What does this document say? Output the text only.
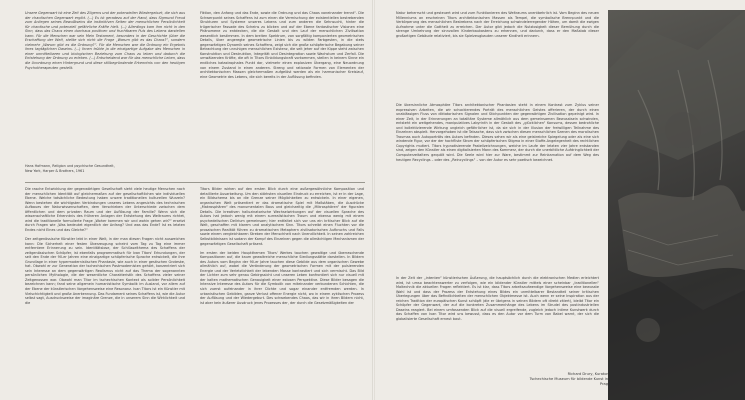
Unsere Gegenwart ist eine Zeit des Zögerns und der potenziellen Wiedergeburt, die sich aus der chaotischen Gegenwart ergibt. (...) Es ist geradezu auf der Hand, dass Sigmund Freud zum Anliegen seines Bewußtseins die instinktiven Seiten der menschlichen Persönlichkeit für chaotische und potenziell gefährliche Kräfte hielt. (...) Allerdings kam ihm nicht in den Sinn, dass das Chaos einen durchaus positiven und fruchtbaren Puls des Lebens darstellen kann. Für die Menschen war sein Mein Testament, besonders in der Geschichte (über die Erschaffung der Welt, stellte sich nicht die Frage „Warum gibt es das Chaos?“, sondern vielmehr „Warum gibt es die Ordnung?“. Für die Menschen war die Ordnung ein Ergebnis ihres tagtäglichen Daseins. (...) Ihnen trübte ja die einzigartige Aufgabe des Menschen in einer unmittelbaren und biologischen Beziehung zum Chaos zu leben und dadurch die Entstehung der Ordnung zu erleben. (...) Entscheidend war für das menschliche Leben, dass die Unordnung einen Hintergrund und diese stillbegründende Erkenntnis von den heutigen Psychotherapeuten gestellt.
Hans Hofmann, Religion und psychische Gesundheit,
New York, Harper & Brothers, 1961
Die rasche Entwicklung der gegenwärtigen Gesellschaft sieht viele heutige Menschen nach der menschlichen Identität auf gleichermaßen auf der gesellschaftlichen wie individuellen Ebene. Welche tatsächliche Bedeutung haben unsere traditionellen kulturellen Wurzeln? Wenn bestehen die wichtigsten Verbindungen unseres Lebens angesichts des technischen Aufbaues der Naturwissenschaften, dem Verschieben der Unterschiede zwischen dem öffentlichen und dem privaten Raum und der Auflösung der Familie? Wenn sich die wissenschaftliche Erkenntnis des früheren Anlagen der Entstehung des Weltraums richtet, wird die traditionelle formulierte Frage „Woher kommen wir und wohin gehen wir?“ ersetzt durch Fragen wie „Was bedeutet eigentlich der Anfang? Und was das Ende? Ist es letzten Endes nicht Eines und das Gleiche?“

Der zeitgenössische Künstler lebt in einer Welt, in der man diesen Fragen nicht ausweichen kann: Die Sicherheit einer festen Überzeugung scheint vom Tag zu Tag eine immer entferntere Erinnerung zu sein. Identitätslose, der Schlüsselthema des Schaffens der zeitgenössischen Schöpfer, ist ebenfalls programmatisch für Ivan Titors' Erkundungen, der seit den Ende der 90-er Jahren eine einzigartige schöpferische Sprache entwickelt, die ihre Grundlage in einer hypermodernistischen Phantasie, wie auch in einer gestischen Groteske, hat. Obwohl er zur Generation der tschechischen Postmodernisten gehört, konzentriert sich sein Interesse an dem gegenwärtigen Realismus nicht auf das Thema der sogenannten persönlichen Mythologie, die der wesentliche Charakteristik des Schaffens vieler seiner Zeitgenossen war. Obwohl man Titor im tschechischen Kontext als solider Persönlichkeit bezeichnen kann; fand seine allgemein humanistische Symbolik im Ausland, vor allem auf der Ebene der künstlerischen Vorgehensweise eine Resonanz. Ivan Titors ist ein Künstler mit Vielschichtigkeit und große Anerkennung. Das Fundament seines Schaffens ist, wie die Autor selbst sagt, Ausdrucksweise der imaginäre Grenze, die in unserem Sinn die Wirklichkeit und die
Fiktion, den Anfang und das Ende, sowie die Ordnung und das Chaos voneinander trennt“. Die Schwerpunkt seines Schaffens ist zum einen die Vermischung der existentiellen bestrebenden Strukturen und Systeme unseres Lebens und zum anderen die Sehnsucht, hinter die trügerischer Fassade des Scheins zu blicken und auf der Ebene fantastischer Visionen eine Phänomene zu entdecken, die die Gestalt und den Lauf der menschlichen Zivilisation wesentlich bestimmen. In dem breiten Spektrum, von sorgfältig komponierten geometrischen Details, über angeregte geometrische Linien bis zu wilden Farbgesten, in die stets gegenwärtigen Dynamik seines Schaffens, zeigt sich die große schöpferische Begabung seiner Betrachtung der unruhigen menschlichen Existenz, die seit jeher auf der Kippe steht zwischen Konstruktion und Destruktion, Integrität und Desintegration sowie Wachstum und Zerfall. Die umwälzenden Kräfte, die oft in Titors Einbildungskraft vorkommen, stellen in keinem Sinne ein endliches katastrophales Punkt dar, vielmehr einen explosiven Übergang, eine Neuordnung von einem Zustand in einen anderen. Streng und rationale Formen von Elementen der architektonischen Massen gleichermaßen aufgelöst werden als ein harmonischer Kreislauf, eine Geometrie des Lebens, die sich bereits in der Auflösung befinden.
Titors Bilder wirken auf den ersten Blick durch eine außergewöhnliche Komposition und detaillierte Ausarbeitung. Um den stärksten visuellen Eindruck zu erreichen, ist er in der Lage, ein Bildschema bis an die Grenze seiner Möglichkeiten zu entwickeln. In einer eigenen, organischen Welt präsentiert er das dramatische Spiel mit Maßstäben, die Ausdrücke „Makrosphären“ des monumentalen Baus und gleichzeitig die „Mikrosphären“ der figuralen Details. Die kreativen halluzinatorische Wechselwirkungen auf der visuellen Sprache des Autors hat jedoch wenig mit einem surrealistischen Traum und ebenso wenig mit einem psychedelischen Delirium gemeinsam; hier entfaltet sich vor uns ein kritischer Blick auf die Welt, geschaffen mit klarem und analytischem Sinn. Titors schreibt einen Fluchten vor die prosaischen Realität führen zu dramatischen Metaphern zivilisatorischen Aufbruchs und Falls sowie einem vergleichbaren Streben der Menschheit nach Unendlichkeit. In seinen zahlreichen Selbstbildnissen ist sodann der Kampf des Einzelnen gegen die allmächtigen Mechanismen der gegenwärtigen Gesellschaft präsent.

Im ersten der beiden Hauptthemen Titors' Werkes tauchen gewaltige und überraschende Kompositionen auf, die kaum gewaltreiche menschliche Siedlungsstätte darstellen. In Bildern des Autors vom Beginn der 90-er Jahre tauchen diese Gebilde aus dem organischen Gewebe allmählich auf, wobei die Veränderung der geometrischen Formen mit der pulsierenden Energie und der Verletzlichkeit der lebenden Masse kontrastiert und sich vermischt. Das Bild der Lichter zum sehr genau Gebirgssicht und unseren Leben konfrontiert sich nur visuell mit der kalten mathematischen Genauigkeit einer exlosen Perspektive. Diese Bilder besagen die Intensive Interesse des Autors für die Symbolik von miteinander verbundenen Schichten, die sich zuerst aufeinander in ihrer Dichte und sogar einander entfremden werden. In urbanistischen Gebilden, ganze Verlust offener Energie nicht, wo in einem zyklischen Prozess der Auflösung und der Wiedergeburt. Des schwebendes Chaos, das wir in ihren Bildern nicht, ist aber kein äußerer Ausdruck jenes Prozesses der, der durch die Gesetzmäßigkeiten der
Natur beherrscht und gesteuert wird und zum Funktionieren des Weltraums unentbehrlich ist. Vom Beginn des neuen Millenniums an erscheinen Titors architektonischen Massen als Tempel, die symbolische Brennpunkt und die Verkörperung des menschlichen Bestrebens nach der Erreichung schwindelerregender Höhen, um damit die ewigen Aufnahme unter die Gottheit zu erreichen. Der Autor gibt jedoch die Nutzlosigkeit dieser Bemühung durch die strenge Umkehrung der sinnvollen Kinderbaukastens zu erkennen, und dadurch, dass er den Maßstab dieser großartigen Gebäude relativiert, bis sie Spielzeugbauten unserer Kindheit erinnern.
Die übersinnliche Atmosphäre Titors architektonischer Phantasien steht in einem Kontrast zum Zyklus seiner expressiven Arbeiten, die wir schockierendes Porträt des menschlichen Geistes offerieren, der durch einen unablässigen Fluss von diktatorischen Signalen und Stichpunkten der gegenwärtigen Zivilisation gepeinigt wird. In einer Zeit, in der Erinnerungen an totalitäre Systeme allmählich aus dem gemeinsamen Bewusstsein schwinden, entsteht ein weitgehendes, manipulatives Labyrinth in der Gestalt des „glücklichen“ Konsums, dessen bedrohliche und kollektivierende Wirkung ungleich gefährlicher ist, da sie sich in der Illusion der freiwilligen Teilnahme des Einzelnen abspielt. Hervorgehoben ist die Tatsache, dass sich zwischen diesen menschlichen Szenen des moralischen Traumas auch Autoporträts des Autors befinden. Dieses sehen wir als eine geistreiche Spiegelung oder als eine sich windende Figur, vor der der hochfliste Strom der schöpferischen Stigma in einer Stoffe-Angelegenheit des rechtlichen Copyrights mutiert. Titors hypnotisierende Pastellzeichnungen, welche im Laufe der letzten vier Jahre entstanden sind, zeigen den Künstler als einen digitalisierten Mann des Kommerz, der durch die unerbittliche Aufdringlichkeit der Computerzeitalters gequält wird. Die Seele wird hier zur Ware, bestimmt zur Reinkarnation auf dem Weg des heutigen Recyclings – oder des „Reincyclings“ – von der Autor es sehr poetisch bezeichnet.
In der Zeit der „intenten“ künstlerischen Äußerung, die hauptsächlich durch die elektronischen Medien erleichtert wird, ist umso beachtenswerter zu verfolgen, wie ein bildender Künstler mittels einer scheinbar „traditionellen“ Maltechnik die aktuellen Fragen reflektiert. Es ist klar, dass Titors arbeitsaufwendige Vorgehensweise eine bewusste Wahl ist und dass der Prozess der Entstehung eines Bildes ein unmittelbarer Bestandteil seiner kritischen Überlegungen über das Befindlichkeiten der menschlichen Objektmesse ist. Auch wenn er seine Inspiration aus der reichen Tradition der europäischen Kunst schöpft (die er übrigens in seinen Bildern oft direkt zitiert), bleibt Titor ein Schöpfer der Gegenwart, der auf die konkreten Zusammenhänge des Lebens im Strudel des postindustriellen Daseins reagiert. Bei einem umfassenden Blick auf die visuell ergreifende, zugleich jedoch intime Kunstwerk durch das Schaffen von Ivan Titor wird uns bewusst, dass es den Autor vor dem Turm von Babel warnt, der sich die globalisierte Gesellschaft erneut baut.
Richard Drury, Kurator
Tschechische Museum für bildende Kunst in Prag
